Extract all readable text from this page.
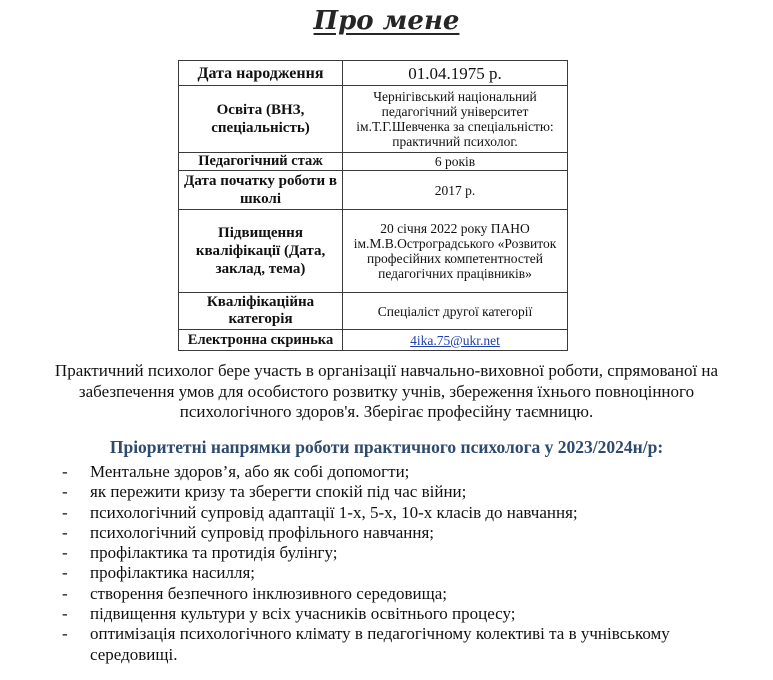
Про мене
Дата народження	01.04.1975 р.
Освіта (ВНЗ, спеціальність)	Чернігівський національний педагогічний університет ім.Т.Г.Шевченка за спеціальністю: практичний психолог.
Педагогічний стаж	6 років
Дата початку роботи в школі	2017 р.
Підвищення кваліфікації (Дата, заклад, тема)	20 січня 2022 року ПАНО ім.М.В.Остроградського «Розвиток професійних компетентностей педагогічних працівників»
Кваліфікаційна категорія	Спеціаліст другої категорії
Електронна скринька	4ika.75@ukr.net
Практичний психолог бере участь в організації навчально-виховної роботи, спрямованої на забезпечення умов для особистого розвитку учнів, збереження їхнього повноцінного психологічного здоров'я. Зберігає професійну таємницю.
Пріоритетні напрямки роботи практичного психолога у 2023/2024н/р:
- Ментальне здоров’я, або як собі допомогти;
- як пережити кризу та зберегти спокій під час війни;
- психологічний супровід адаптації 1-х, 5-х, 10-х класів до навчання;
- психологічний супровід профільного навчання;
- профілактика та протидія булінгу;
- профілактика насилля;
- створення безпечного інклюзивного середовища;
- підвищення культури у всіх учасників освітнього процесу;
- оптимізація психологічного клімату в педагогічному колективі та в учнівському середовищі.
